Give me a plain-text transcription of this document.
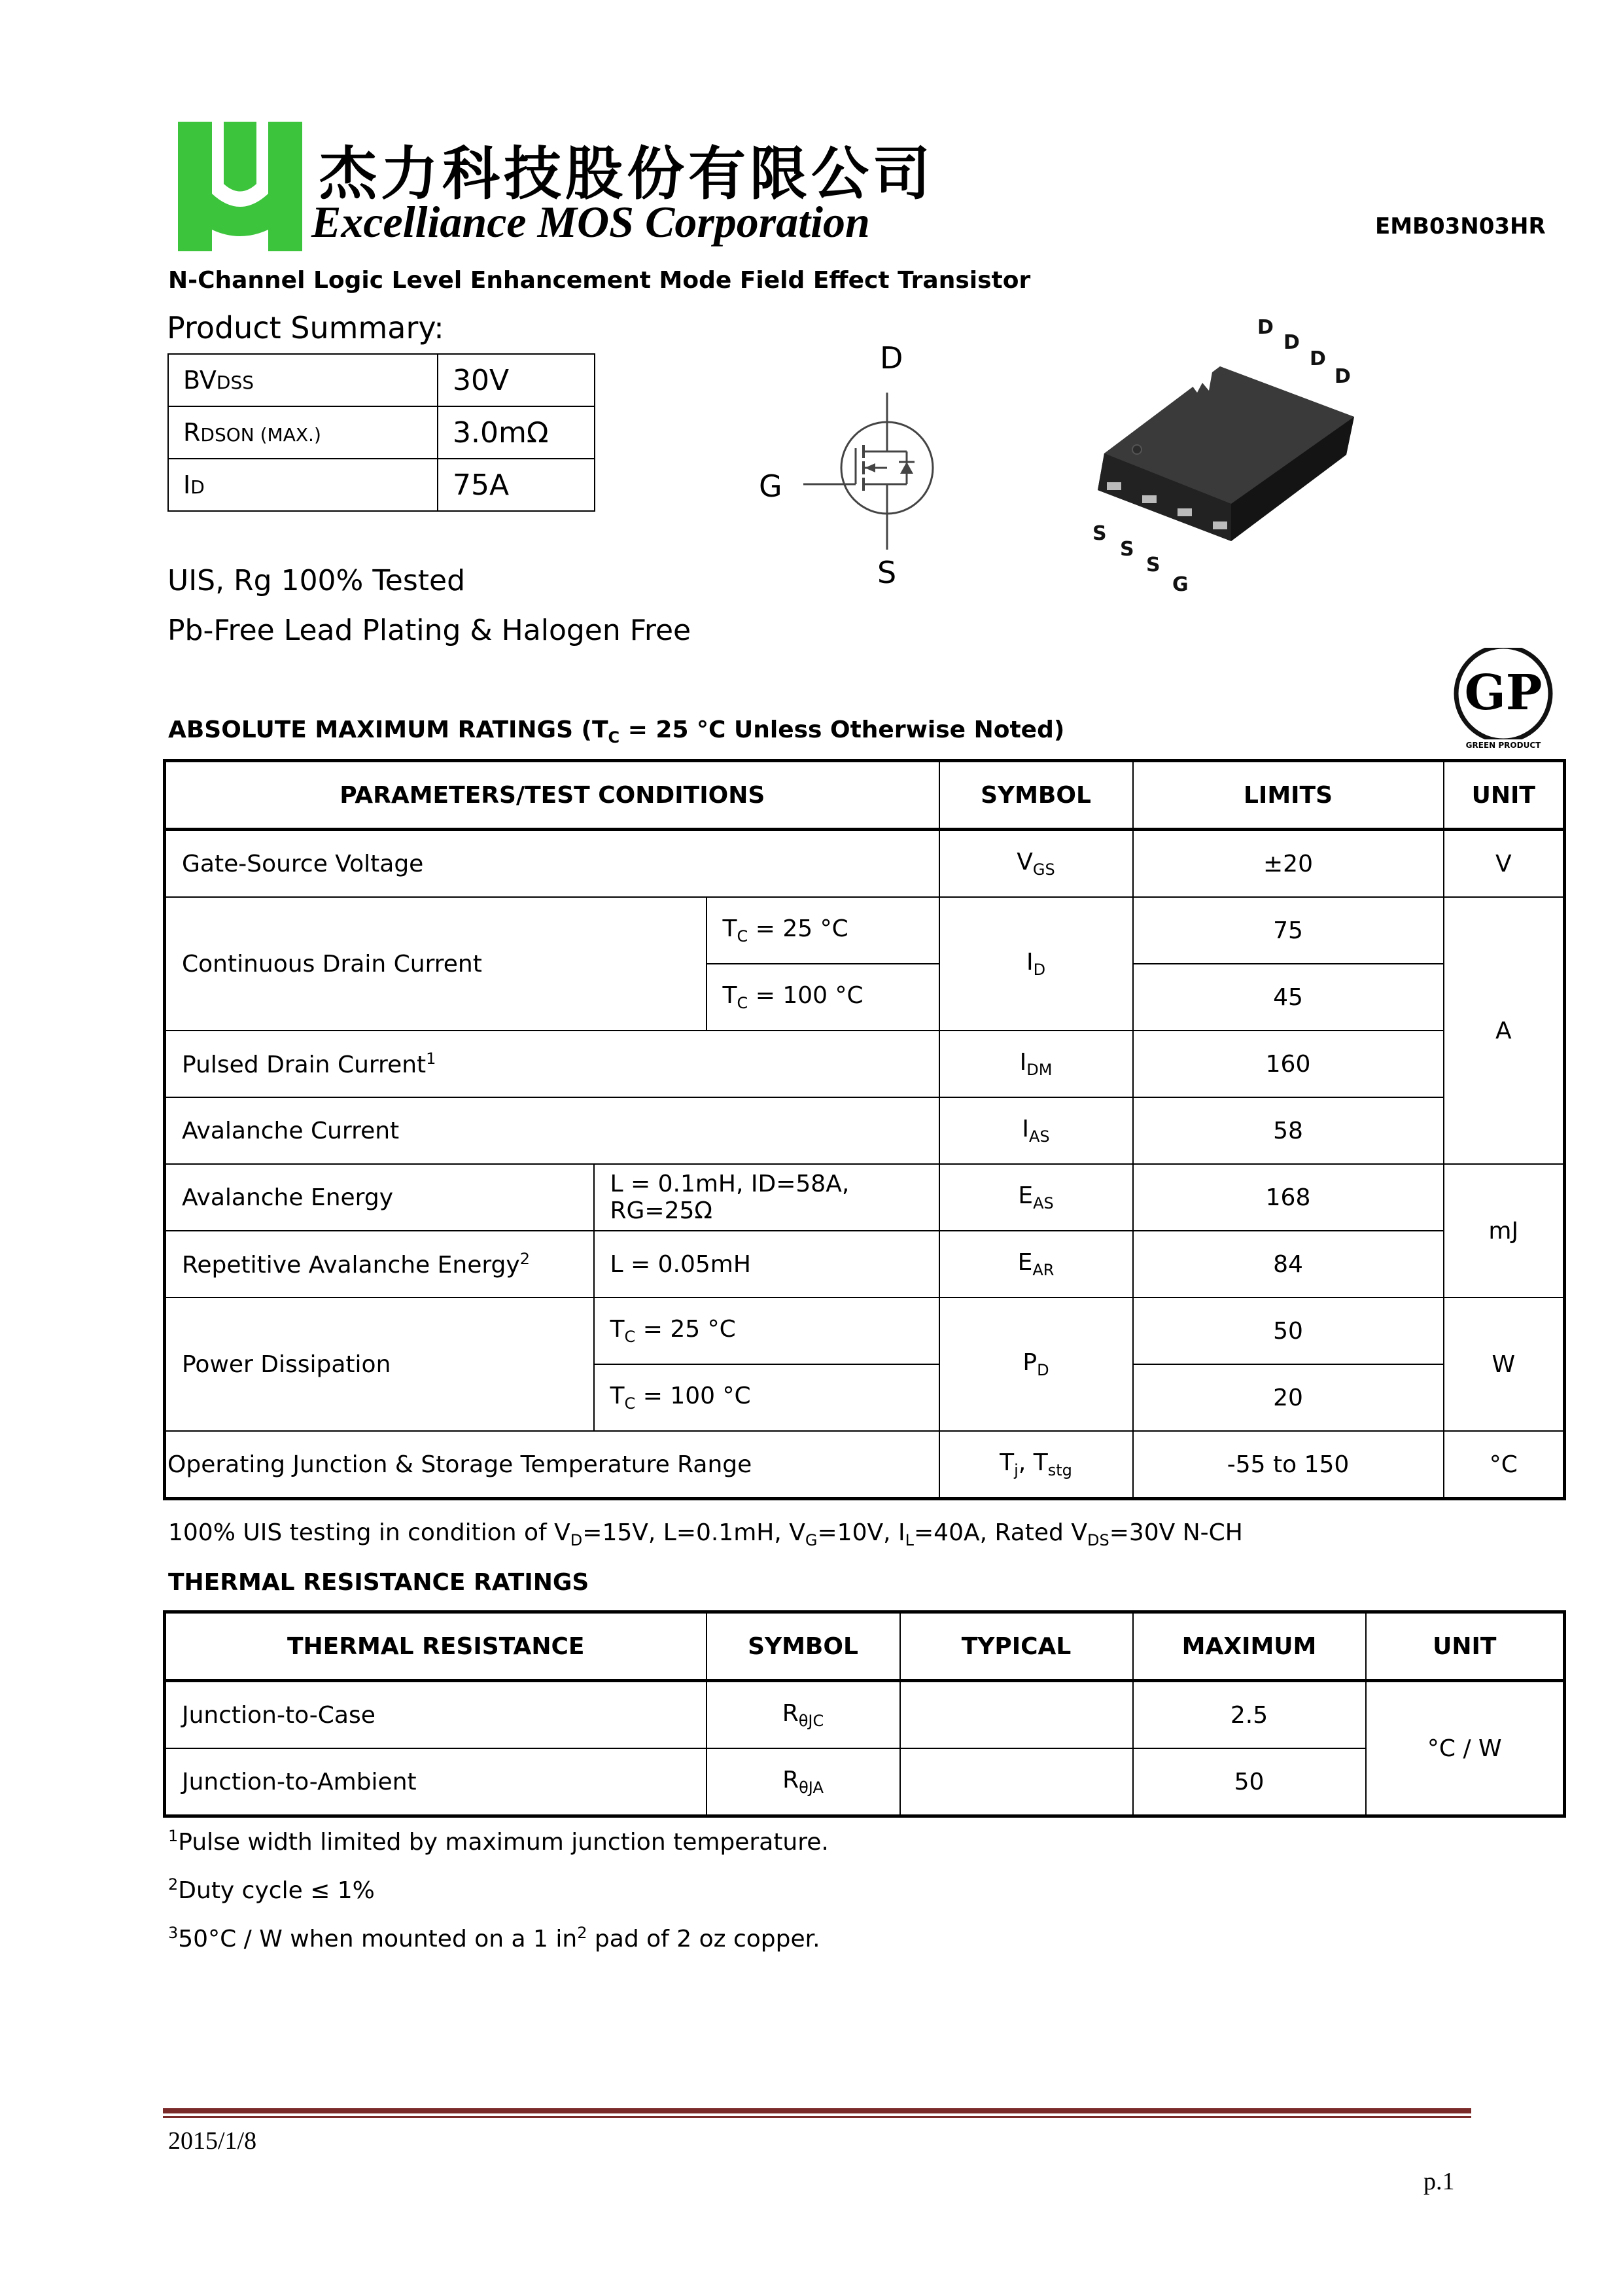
杰力科技股份有限公司
Excelliance MOS Corporation	EMB03N03HR
N-Channel Logic Level Enhancement Mode Field Effect Transistor
Product Summary:
BVDSS	30V
RDSON (MAX.)	3.0mΩ
ID	75A
D
G
S
D
D
D
D
S
S
S
G
UIS, Rg 100% Tested
Pb-Free Lead Plating & Halogen Free
GP
GREEN PRODUCT
ABSOLUTE MAXIMUM RATINGS ($T_C = 25$ °C Unless Otherwise Noted)
PARAMETERS/TEST CONDITIONS			SYMBOL	LIMITS	UNIT
Gate-Source Voltage			$V_{GS}$	±20	V
Continuous Drain Current		$T_C = 25$ °C	$I_D$	75	A
		$T_C = 100$ °C		45	
Pulsed Drain Current$^1$			$I_{DM}$	160	
Avalanche Current			$I_{AS}$	58	
Avalanche Energy	L = 0.1mH, ID=58A, RG=25Ω		$E_{AS}$	168	mJ
Repetitive Avalanche Energy$^2$	L = 0.05mH		$E_{AR}$	84	
Power Dissipation	$T_C = 25$ °C		$P_D$	50	W
	$T_C = 100$ °C			20	
Operating Junction & Storage Temperature Range			$T_j$, $T_{stg}$	-55 to 150	°C
100% UIS testing in condition of $V_D=15V$, L=0.1mH, $V_G=10V$, $I_L=40A$, Rated $V_{DS}=30V$ N-CH
THERMAL RESISTANCE RATINGS
THERMAL RESISTANCE	SYMBOL	TYPICAL	MAXIMUM	UNIT
Junction-to-Case	$R_{\theta JC}$		2.5	°C / W
Junction-to-Ambient	$R_{\theta JA}$		50	
$^1$Pulse width limited by maximum junction temperature.
$^2$Duty cycle ≤ 1%
$^3$50°C / W when mounted on a 1 $in^2$ pad of 2 oz copper.
2015/1/8
p.1
